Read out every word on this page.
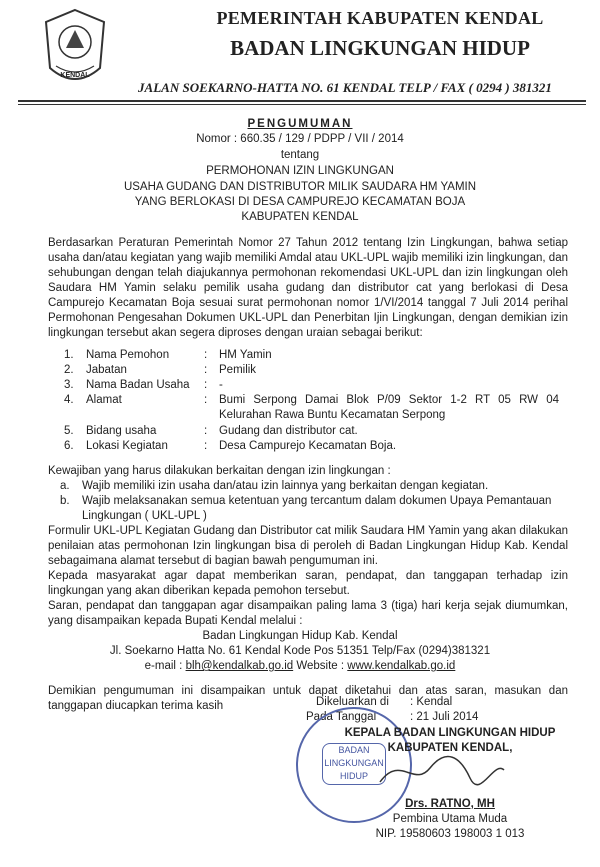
KENDAL
PEMERINTAH KABUPATEN KENDAL
BADAN LINGKUNGAN HIDUP
JALAN SOEKARNO-HATTA NO. 61 KENDAL TELP / FAX ( 0294 ) 381321
PENGUMUMAN
Nomor : 660.35 / 129 / PDPP / VII / 2014
tentang
PERMOHONAN IZIN LINGKUNGAN
USAHA GUDANG DAN DISTRIBUTOR MILIK SAUDARA HM YAMIN
YANG BERLOKASI DI DESA CAMPUREJO KECAMATAN BOJA
KABUPATEN KENDAL

Berdasarkan Peraturan Pemerintah Nomor 27 Tahun 2012 tentang Izin Lingkungan, bahwa setiap usaha dan/atau kegiatan yang wajib memiliki Amdal atau UKL-UPL wajib memiliki izin lingkungan, dan sehubungan dengan telah diajukannya permohonan rekomendasi UKL-UPL dan izin lingkungan oleh Saudara HM Yamin selaku pemilik usaha gudang dan distributor cat yang berlokasi di Desa Campurejo Kecamatan Boja sesuai surat permohonan nomor 1/VI/2014 tanggal 7 Juli 2014 perihal Permohonan Pengesahan Dokumen UKL-UPL dan Penerbitan Ijin Lingkungan, dengan demikian izin lingkungan tersebut akan segera diproses dengan uraian sebagai berikut:

1.	Nama Pemohon	: HM Yamin
2.	Jabatan	: Pemilik
3.	Nama Badan Usaha	: -
4.	Alamat	: Bumi Serpong Damai Blok P/09 Sektor 1-2 RT 05 RW 04 Kelurahan Rawa Buntu Kecamatan Serpong
5.	Bidang usaha	: Gudang dan distributor cat.
6.	Lokasi Kegiatan	: Desa Campurejo Kecamatan Boja.
Kewajiban yang harus dilakukan berkaitan dengan izin lingkungan :
a. Wajib memiliki izin usaha dan/atau izin lainnya yang berkaitan dengan kegiatan.
b. Wajib melaksanakan semua ketentuan yang tercantum dalam dokumen Upaya Pemantauan Lingkungan ( UKL-UPL )
Formulir UKL-UPL Kegiatan Gudang dan Distributor cat milik Saudara HM Yamin yang akan dilakukan penilaian atas permohonan Izin lingkungan bisa di peroleh di Badan Lingkungan Hidup Kab. Kendal sebagaimana alamat tersebut di bagian bawah pengumuman ini.
Kepada masyarakat agar dapat memberikan saran, pendapat, dan tanggapan terhadap izin lingkungan yang akan diberikan kepada pemohon tersebut.
Saran, pendapat dan tanggapan agar disampaikan paling lama 3 (tiga) hari kerja sejak diumumkan, yang disampaikan kepada Bupati Kendal melalui :
Badan Lingkungan Hidup Kab. Kendal
Jl. Soekarno Hatta No. 61 Kendal Kode Pos 51351 Telp/Fax (0294)381321
e-mail : blh@kendalkab.go.id Website : www.kendalkab.go.id
Demikian pengumuman ini disampaikan untuk dapat diketahui dan atas saran, masukan dan tanggapan diucapkan terima kasih	Dikeluarkan di : Kendal
Pada Tanggal	: 21 Juli 2014
BADAN LINGKUNGAN HIDUP
KEPALA BADAN LINGKUNGAN HIDUP
KABUPATEN KENDAL,
Drs. RATNO, MH
Pembina Utama Muda
NIP. 19580603 198003 1 013
